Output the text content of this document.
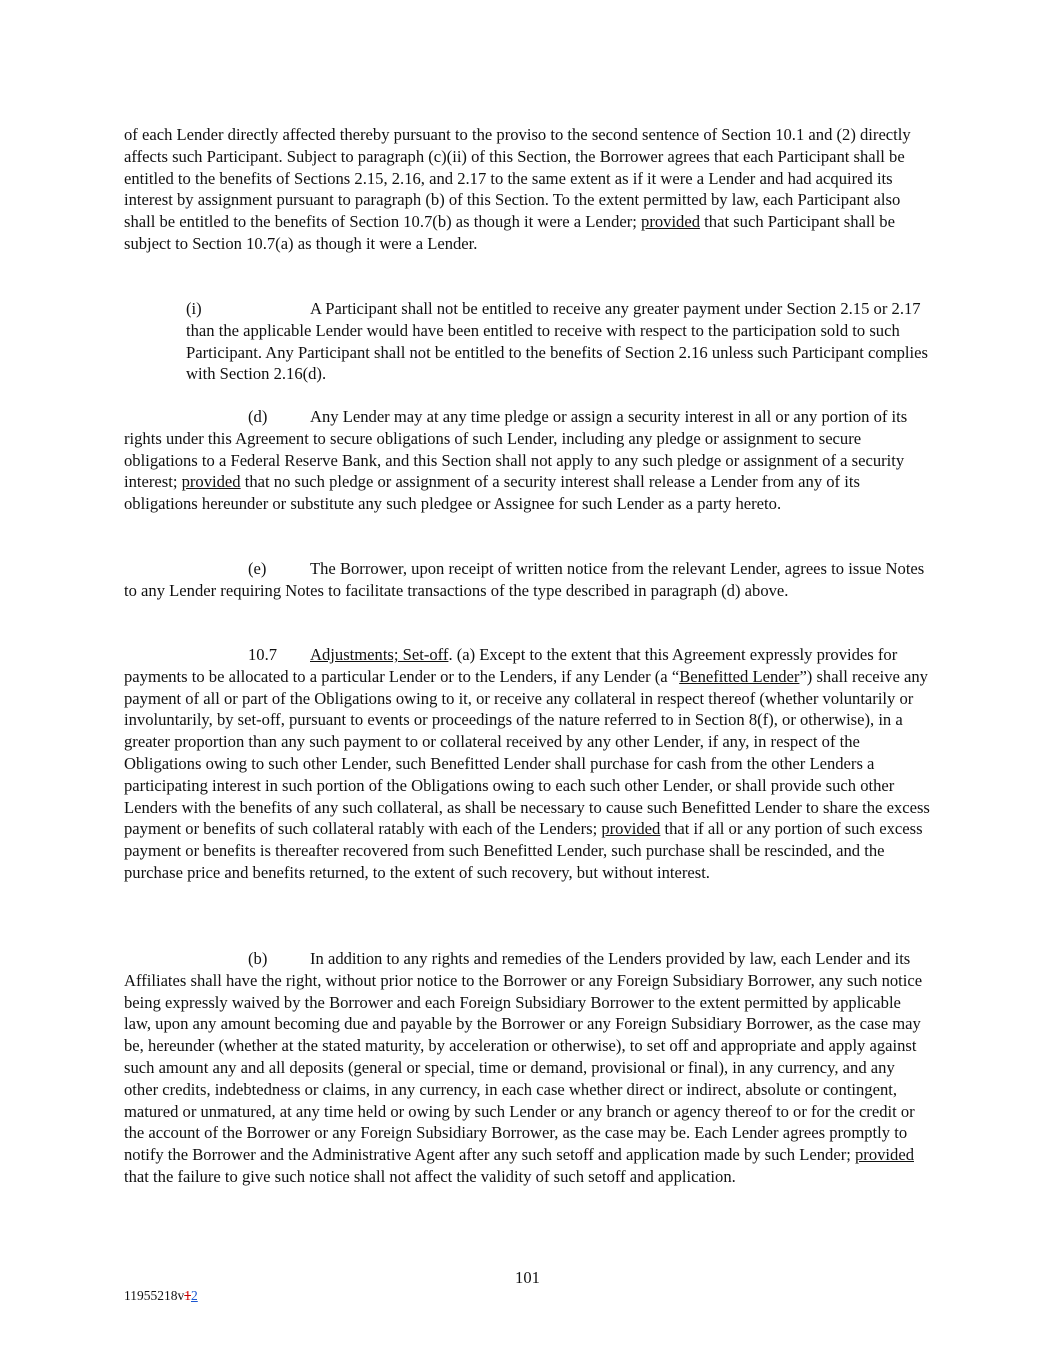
of each Lender directly affected thereby pursuant to the proviso to the second sentence of Section 10.1 and (2) directly affects such Participant. Subject to paragraph (c)(ii) of this Section, the Borrower agrees that each Participant shall be entitled to the benefits of Sections 2.15, 2.16, and 2.17 to the same extent as if it were a Lender and had acquired its interest by assignment pursuant to paragraph (b) of this Section. To the extent permitted by law, each Participant also shall be entitled to the benefits of Section 10.7(b) as though it were a Lender; provided that such Participant shall be subject to Section 10.7(a) as though it were a Lender.

(i)	A Participant shall not be entitled to receive any greater payment under Section 2.15 or 2.17 than the applicable Lender would have been entitled to receive with respect to the participation sold to such Participant. Any Participant shall not be entitled to the benefits of Section 2.16 unless such Participant complies with Section 2.16(d).

(d)	Any Lender may at any time pledge or assign a security interest in all or any portion of its rights under this Agreement to secure obligations of such Lender, including any pledge or assignment to secure obligations to a Federal Reserve Bank, and this Section shall not apply to any such pledge or assignment of a security interest; provided that no such pledge or assignment of a security interest shall release a Lender from any of its obligations hereunder or substitute any such pledgee or Assignee for such Lender as a party hereto.

(e)	The Borrower, upon receipt of written notice from the relevant Lender, agrees to issue Notes to any Lender requiring Notes to facilitate transactions of the type described in paragraph (d) above.

10.7 Adjustments; Set-off. (a) Except to the extent that this Agreement expressly provides for payments to be allocated to a particular Lender or to the Lenders, if any Lender (a “Benefitted Lender”) shall receive any payment of all or part of the Obligations owing to it, or receive any collateral in respect thereof (whether voluntarily or involuntarily, by set-off, pursuant to events or proceedings of the nature referred to in Section 8(f), or otherwise), in a greater proportion than any such payment to or collateral received by any other Lender, if any, in respect of the Obligations owing to such other Lender, such Benefitted Lender shall purchase for cash from the other Lenders a participating interest in such portion of the Obligations owing to each such other Lender, or shall provide such other Lenders with the benefits of any such collateral, as shall be necessary to cause such Benefitted Lender to share the excess payment or benefits of such collateral ratably with each of the Lenders; provided that if all or any portion of such excess payment or benefits is thereafter recovered from such Benefitted Lender, such purchase shall be rescinded, and the purchase price and benefits returned, to the extent of such recovery, but without interest.

(b)	In addition to any rights and remedies of the Lenders provided by law, each Lender and its Affiliates shall have the right, without prior notice to the Borrower or any Foreign Subsidiary Borrower, any such notice being expressly waived by the Borrower and each Foreign Subsidiary Borrower to the extent permitted by applicable law, upon any amount becoming due and payable by the Borrower or any Foreign Subsidiary Borrower, as the case may be, hereunder (whether at the stated maturity, by acceleration or otherwise), to set off and appropriate and apply against such amount any and all deposits (general or special, time or demand, provisional or final), in any currency, and any other credits, indebtedness or claims, in any currency, in each case whether direct or indirect, absolute or contingent, matured or unmatured, at any time held or owing by such Lender or any branch or agency thereof to or for the credit or the account of the Borrower or any Foreign Subsidiary Borrower, as the case may be. Each Lender agrees promptly to notify the Borrower and the Administrative Agent after any such setoff and application made by such Lender; provided that the failure to give such notice shall not affect the validity of such setoff and application.

101
11955218v12
